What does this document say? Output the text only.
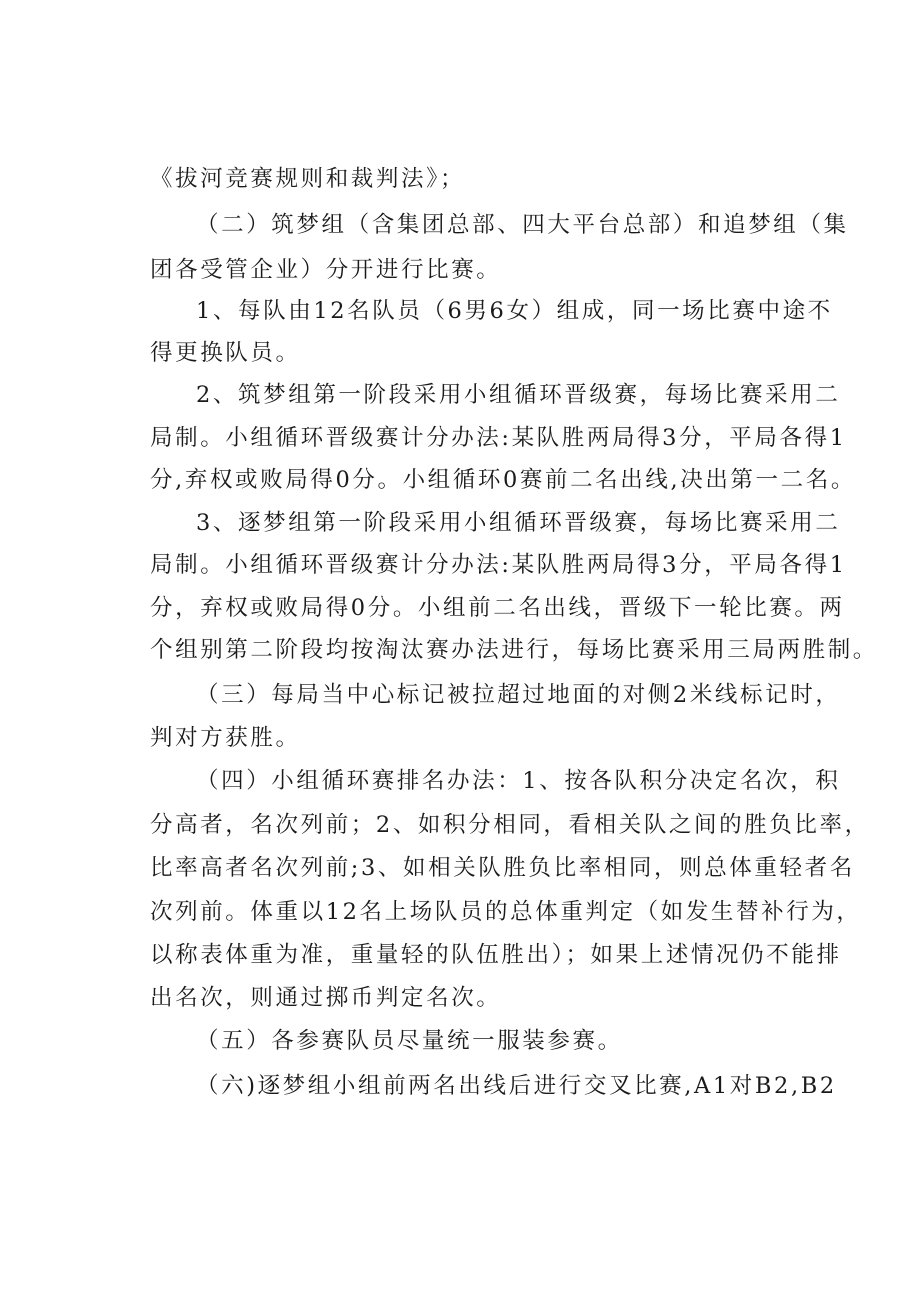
《拔河竞赛规则和裁判法》；
（二）筑梦组（含集团总部、四大平台总部）和追梦组（集
团各受管企业）分开进行比赛。
1、每队由12名队员（6男6女）组成，同一场比赛中途不
得更换队员。
2、筑梦组第一阶段采用小组循环晋级赛，每场比赛采用二
局制。小组循环晋级赛计分办法:某队胜两局得3分，平局各得1
分,弃权或败局得0分。小组循环0赛前二名出线,决出第一二名。
3、逐梦组第一阶段采用小组循环晋级赛，每场比赛采用二
局制。小组循环晋级赛计分办法:某队胜两局得3分，平局各得1
分，弃权或败局得0分。小组前二名出线，晋级下一轮比赛。两
个组别第二阶段均按淘汰赛办法进行，每场比赛采用三局两胜制。
（三）每局当中心标记被拉超过地面的对侧2米线标记时，
判对方获胜。
（四）小组循环赛排名办法：1、按各队积分决定名次，积
分高者，名次列前；2、如积分相同，看相关队之间的胜负比率，
比率高者名次列前;3、如相关队胜负比率相同，则总体重轻者名
次列前。体重以12名上场队员的总体重判定（如发生替补行为，
以称表体重为准，重量轻的队伍胜出）；如果上述情况仍不能排
出名次，则通过掷币判定名次。
（五）各参赛队员尽量统一服装参赛。
（六)逐梦组小组前两名出线后进行交叉比赛,A1对B2,B2
